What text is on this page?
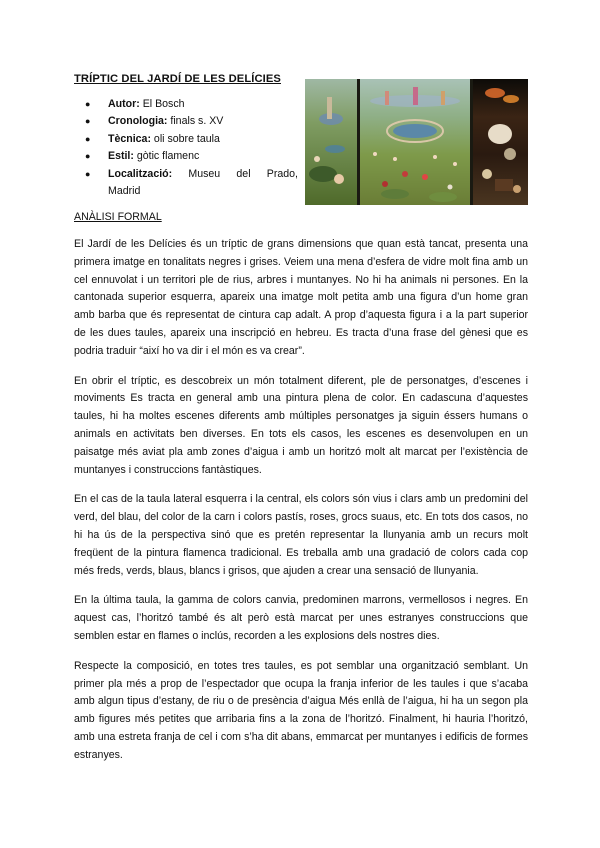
TRÍPTIC DEL JARDÍ DE LES DELÍCIES
● Autor: El Bosch
● Cronologia: finals s. XV
● Tècnica: oli sobre taula
● Estil: gòtic flamenc
● Localització: Museu del Prado,
Madrid
ANÀLISI FORMAL

El Jardí de les Delícies és un tríptic de grans dimensions que quan està tancat, presenta una primera imatge en tonalitats negres i grises. Veiem una mena d’esfera de vidre molt fina amb un cel ennuvolat i un territori ple de rius, arbres i muntanyes. No hi ha animals ni persones. En la cantonada superior esquerra, apareix una imatge molt petita amb una figura d’un home gran amb barba que és representat de cintura cap adalt. A prop d’aquesta figura i a la part superior de les dues taules, apareix una inscripció en hebreu. Es tracta d’una frase del gènesi que es podria traduir “així ho va dir i el món es va crear”.

En obrir el tríptic, es descobreix un món totalment diferent, ple de personatges, d’escenes i moviments Es tracta en general amb una pintura plena de color. En cadascuna d’aquestes taules, hi ha moltes escenes diferents amb múltiples personatges ja siguin éssers humans o animals en activitats ben diverses. En tots els casos, les escenes es desenvolupen en un paisatge més aviat pla amb zones d’aigua i amb un horitzó molt alt marcat per l’existència de muntanyes i construccions fantàstiques.

En el cas de la taula lateral esquerra i la central, els colors són vius i clars amb un predomini del verd, del blau, del color de la carn i colors pastís, roses, grocs suaus, etc. En tots dos casos, no hi ha ús de la perspectiva sinó que es pretén representar la llunyania amb un recurs molt freqüent de la pintura flamenca tradicional. Es treballa amb una gradació de colors cada cop més freds, verds, blaus, blancs i grisos, que ajuden a crear una sensació de llunyania.

En la última taula, la gamma de colors canvia, predominen marrons, vermellosos i negres. En aquest cas, l’horitzó també és alt però està marcat per unes estranyes construccions que semblen estar en flames o inclús, recorden a les explosions dels nostres dies.

Respecte la composició, en totes tres taules, es pot semblar una organització semblant. Un primer pla més a prop de l’espectador que ocupa la franja inferior de les taules i que s’acaba amb algun tipus d’estany, de riu o de presència d’aigua Més enllà de l’aigua, hi ha un segon pla amb figures més petites que arribaria fins a la zona de l’horitzó. Finalment, hi hauria l’horitzó, amb una estreta franja de cel i com s’ha dit abans, emmarcat per muntanyes i edificis de formes estranyes.
